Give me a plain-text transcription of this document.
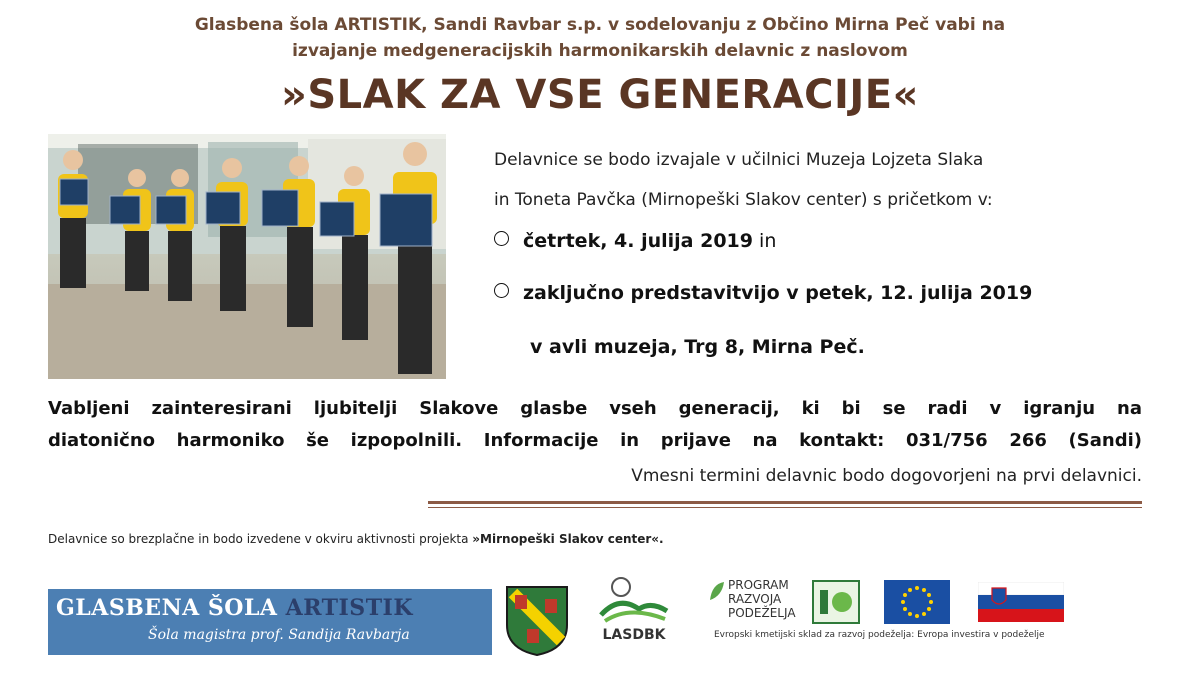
Glasbena šola ARTISTIK, Sandi Ravbar s.p. v sodelovanju z Občino Mirna Peč vabi na
izvajanje medgeneracijskih harmonikarskih delavnic z naslovom
»SLAK ZA VSE GENERACIJE«
Delavnice se bodo izvajale v učilnici Muzeja Lojzeta Slaka
in Toneta Pavčka (Mirnopeški Slakov center) s pričetkom v:
četrtek, 4. julija 2019 in
zaključno predstavitvijo v petek, 12. julija 2019
v avli muzeja, Trg 8, Mirna Peč.
Vabljeni zainteresirani ljubitelji Slakove glasbe vseh generacij, ki bi se radi v igranju na
diatonično harmoniko še izpopolnili. Informacije in prijave na kontakt: 031/756 266 (Sandi)
Vmesni termini delavnic bodo dogovorjeni na prvi delavnici.
Delavnice so brezplačne in bodo izvedene v okviru aktivnosti projekta »Mirnopeški Slakov center«.
GLASBENA ŠOLA ARTISTIK
Šola magistra prof. Sandija Ravbarja	LASDBK
PROGRAM
RAZVOJA
PODEŽELJA
Evropski kmetijski sklad za razvoj podeželja: Evropa investira v podeželje
